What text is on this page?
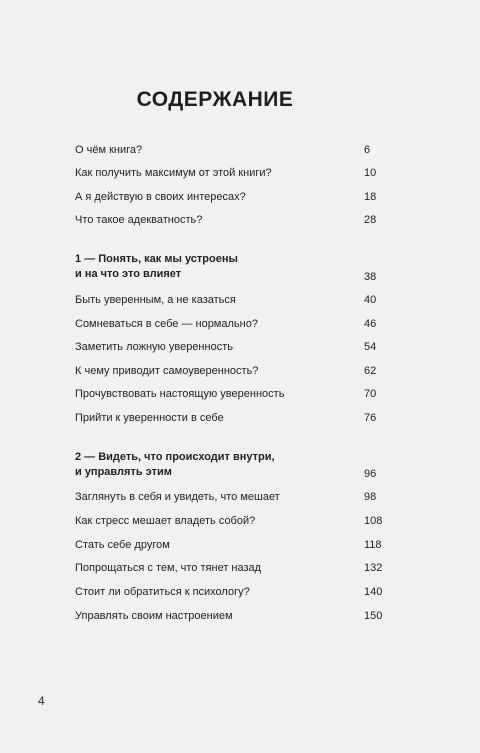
СОДЕРЖАНИЕ
О чём книга?	6
Как получить максимум от этой книги?	10
А я действую в своих интересах?	18
Что такое адекватность?	28
1 — Понять, как мы устроены
и на что это влияет	38
Быть уверенным, а не казаться	40
Сомневаться в себе — нормально?	46
Заметить ложную уверенность	54
К чему приводит самоуверенность?	62
Прочувствовать настоящую уверенность	70
Прийти к уверенности в себе	76
2 — Видеть, что происходит внутри,
и управлять этим	96
Заглянуть в себя и увидеть, что мешает	98
Как стресс мешает владеть собой?	108
Стать себе другом	118
Попрощаться с тем, что тянет назад	132
Стоит ли обратиться к психологу?	140
Управлять своим настроением	150
4
